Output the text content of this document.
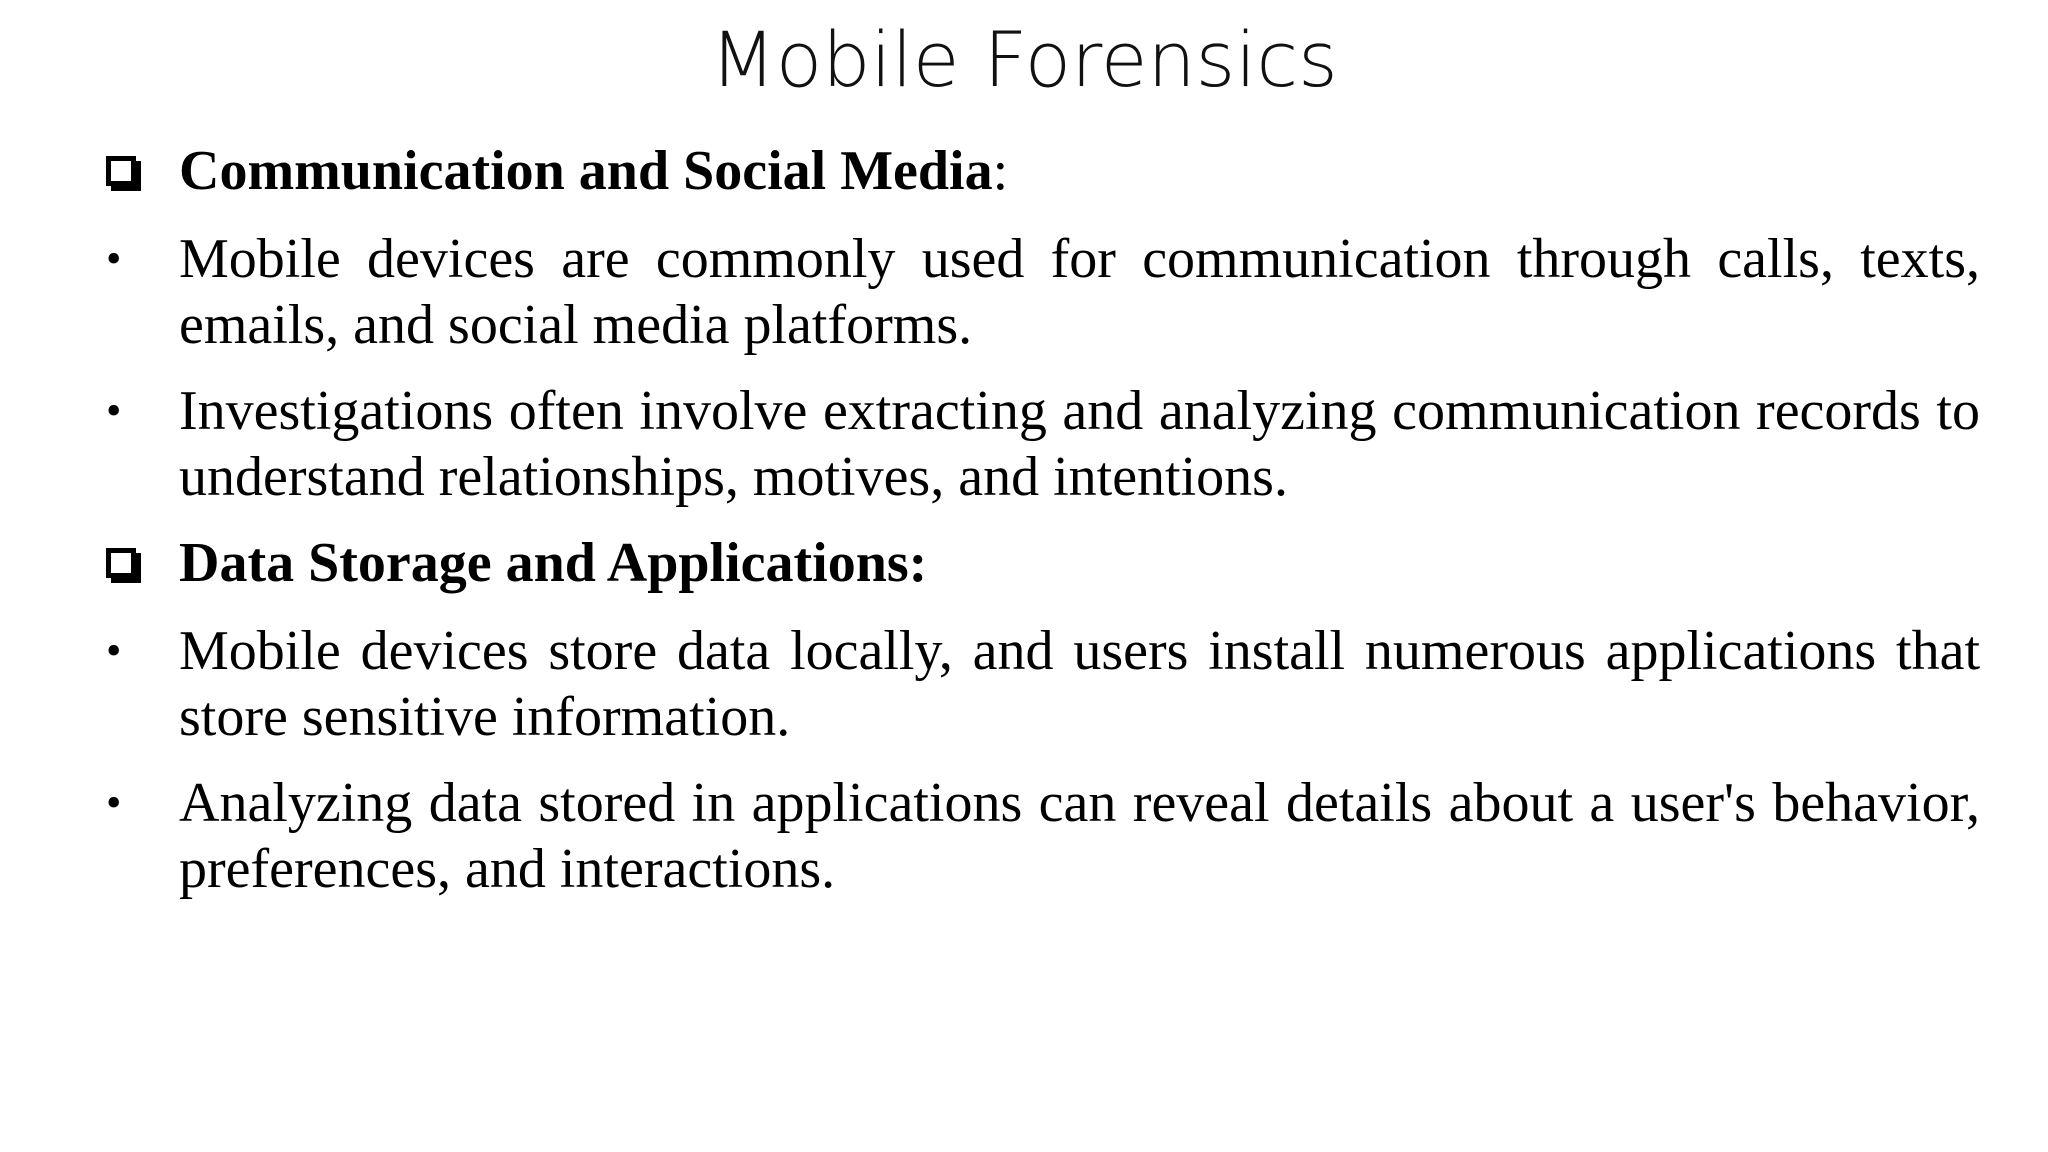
Mobile Forensics
Communication and Social Media:
•	Mobile devices are commonly used for communication through calls, texts, emails, and social media platforms.
•	Investigations often involve extracting and analyzing communication records to understand relationships, motives, and intentions.
Data Storage and Applications:
•	Mobile devices store data locally, and users install numerous applications that store sensitive information.
•	Analyzing data stored in applications can reveal details about a user's behavior, preferences, and interactions.
